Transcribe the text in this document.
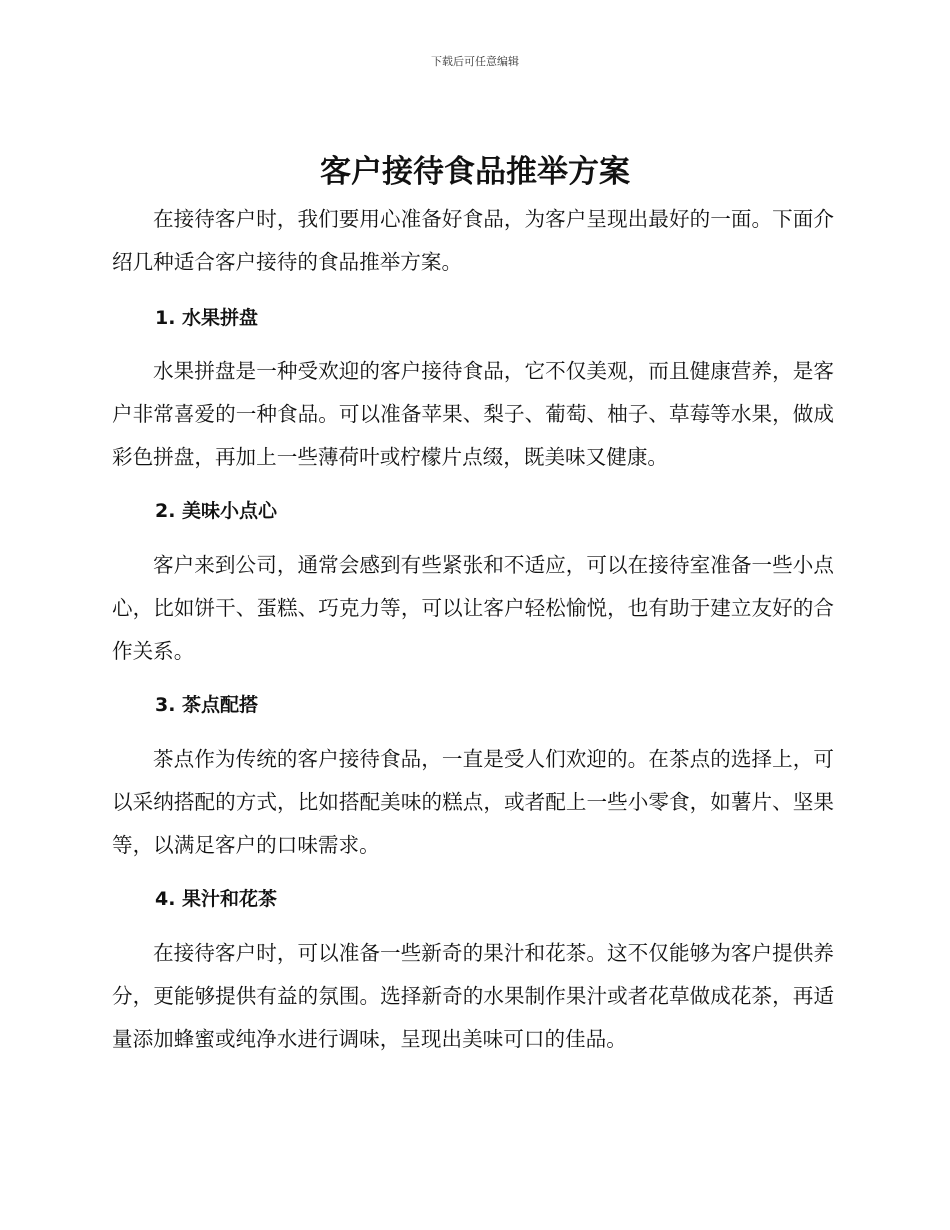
下载后可任意编辑
客户接待食品推举方案

在接待客户时，我们要用心准备好食品，为客户呈现出最好的一面。下面介绍几种适合客户接待的食品推举方案。

1. 水果拼盘

水果拼盘是一种受欢迎的客户接待食品，它不仅美观，而且健康营养，是客户非常喜爱的一种食品。可以准备苹果、梨子、葡萄、柚子、草莓等水果，做成彩色拼盘，再加上一些薄荷叶或柠檬片点缀，既美味又健康。

2. 美味小点心

客户来到公司，通常会感到有些紧张和不适应，可以在接待室准备一些小点心，比如饼干、蛋糕、巧克力等，可以让客户轻松愉悦，也有助于建立友好的合作关系。

3. 茶点配搭

茶点作为传统的客户接待食品，一直是受人们欢迎的。在茶点的选择上，可以采纳搭配的方式，比如搭配美味的糕点，或者配上一些小零食，如薯片、坚果等，以满足客户的口味需求。

4. 果汁和花茶

在接待客户时，可以准备一些新奇的果汁和花茶。这不仅能够为客户提供养分，更能够提供有益的氛围。选择新奇的水果制作果汁或者花草做成花茶，再适量添加蜂蜜或纯净水进行调味，呈现出美味可口的佳品。
